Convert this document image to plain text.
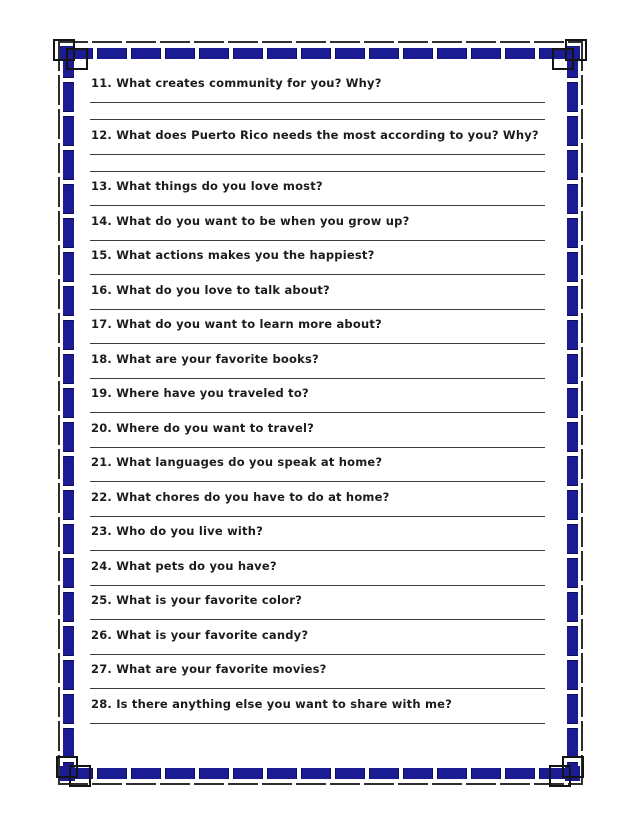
11. What creates community for you? Why?
12. What does Puerto Rico needs the most according to you? Why?
13. What things do you love most?
14. What do you want to be when you grow up?
15. What actions makes you the happiest?
16. What do you love to talk about?
17. What do you want to learn more about?
18. What are your favorite books?
19. Where have you traveled to?
20. Where do you want to travel?
21. What languages do you speak at home?
22. What chores do you have to do at home?
23. Who do you live with?
24. What pets do you have?
25. What is your favorite color?
26. What is your favorite candy?
27. What are your favorite movies?
28. Is there anything else you want to share with me?
